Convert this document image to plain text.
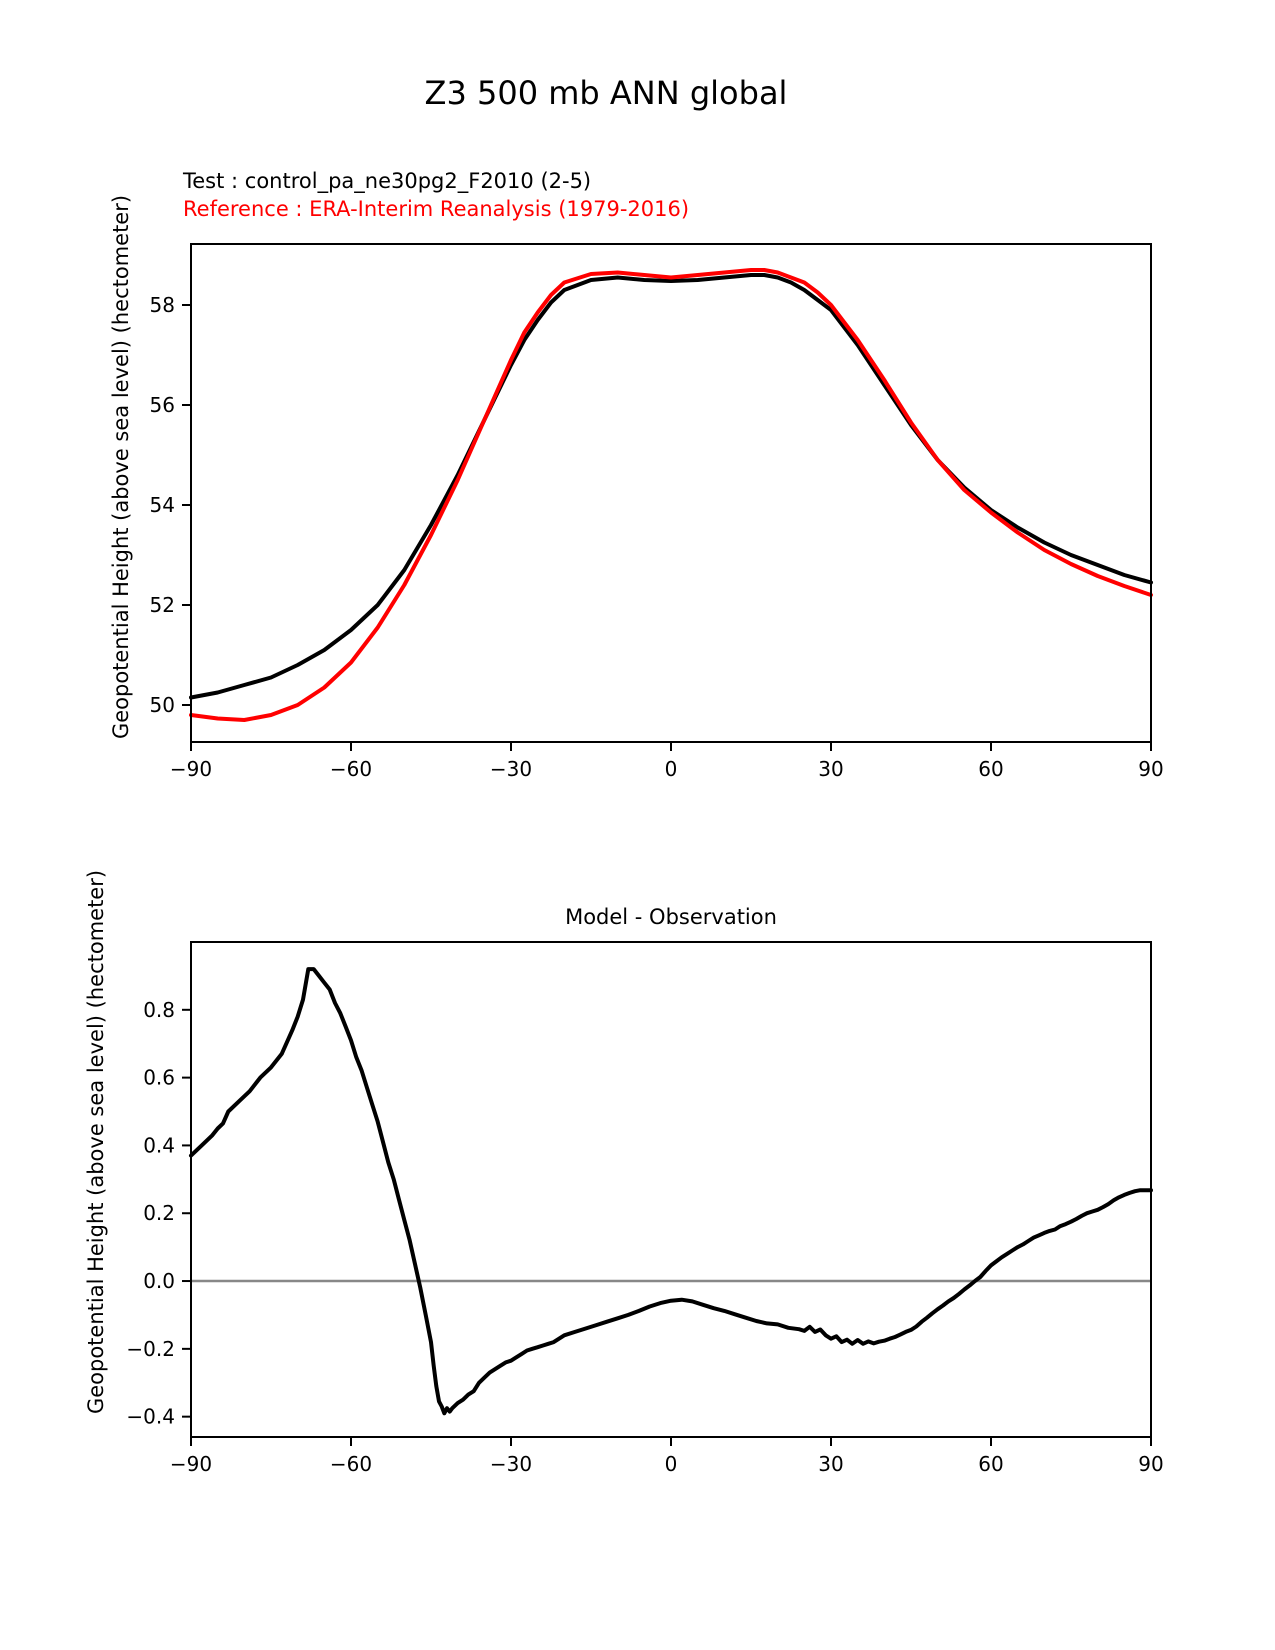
−90	−60	−30	0	30	60	90
50
52
54
56
58
−90	−60	−30	0	30	60	90
−0.4
−0.2
0.0
0.2
0.4
0.6
0.8
Z3 500 mb ANN global
Test : control_pa_ne30pg2_F2010 (2-5)
Reference : ERA-Interim Reanalysis (1979-2016)
Geopotential Height (above sea level) (hectometer)
Geopotential Height (above sea level) (hectometer)	Model - Observation
